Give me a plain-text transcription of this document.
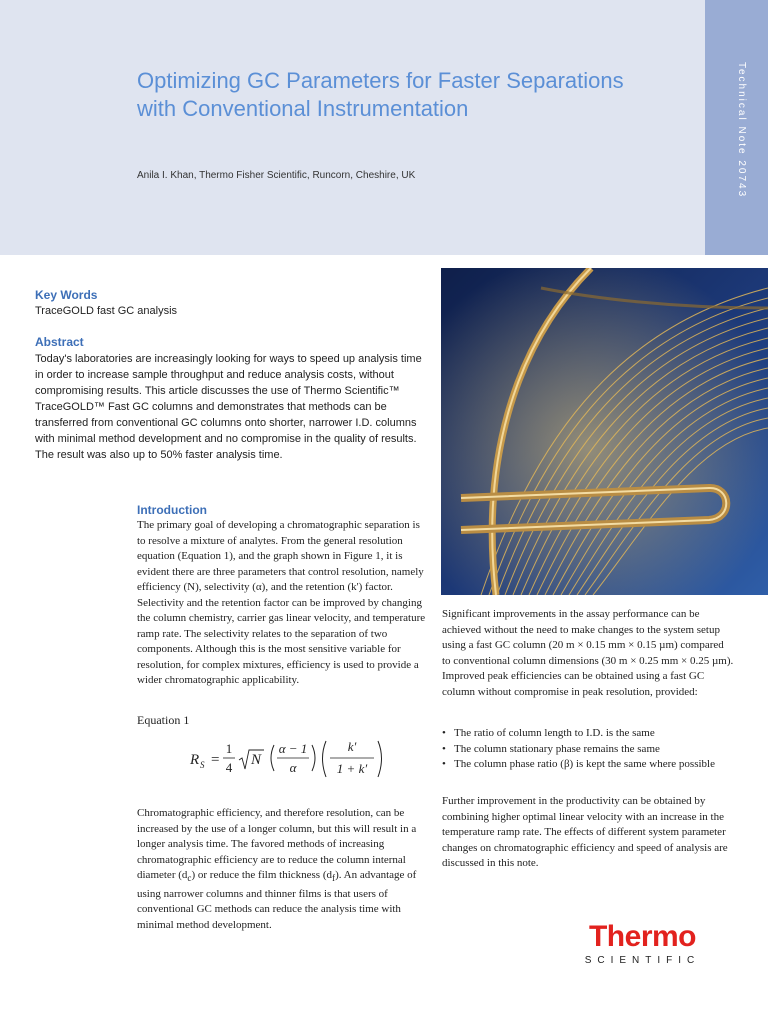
Technical Note 20743
Optimizing GC Parameters for Faster Separations with Conventional Instrumentation
Anila I. Khan, Thermo Fisher Scientific, Runcorn, Cheshire, UK
Key Words

TraceGOLD fast GC analysis

Abstract

Today's laboratories are increasingly looking for ways to speed up analysis time in order to increase sample throughput and reduce analysis costs, without compromising results. This article discusses the use of Thermo Scientific™ TraceGOLD™ Fast GC columns and demonstrates that methods can be transferred from conventional GC columns onto shorter, narrower I.D. columns with minimal method development and no compromise in the quality of results. The result was also up to 50% faster analysis time.

Introduction

The primary goal of developing a chromatographic separation is to resolve a mixture of analytes. From the general resolution equation (Equation 1), and the graph shown in Figure 1, it is evident there are three parameters that control resolution, namely efficiency (N), selectivity (α), and the retention (k') factor. Selectivity and the retention factor can be improved by changing the column chemistry, carrier gas linear velocity, and temperature ramp rate. The selectivity relates to the separation of two components. Although this is the most sensitive variable for resolution, for complex mixtures, efficiency is used to provide a wider chromatographic applicability.

Equation 1
R S =
1
4 N
α − 1
α
k′
1 + k′

Chromatographic efficiency, and therefore resolution, can be increased by the use of a longer column, but this will result in a longer analysis time. The favored methods of increasing chromatographic efficiency are to reduce the column internal diameter $(d_c)$ or reduce the film thickness $(d_f)$. An advantage of using narrower columns and thinner films is that users of conventional GC methods can reduce the analysis time with minimal method development.

Significant improvements in the assay performance can be achieved without the need to make changes to the system setup using a fast GC column (20 m × 0.15 mm × 0.15 µm) compared to conventional column dimensions (30 m × 0.25 mm × 0.25 µm). Improved peak efficiencies can be obtained using a fast GC column without compromise in peak resolution, provided:

• The ratio of column length to I.D. is the same
• The column stationary phase remains the same
• The column phase ratio (β) is kept the same where possible

Further improvement in the productivity can be obtained by combining higher optimal linear velocity with an increase in the temperature ramp rate. The effects of different system parameter changes on chromatographic efficiency and speed of analysis are discussed in this note.

Thermo
SCIENTIFIC
